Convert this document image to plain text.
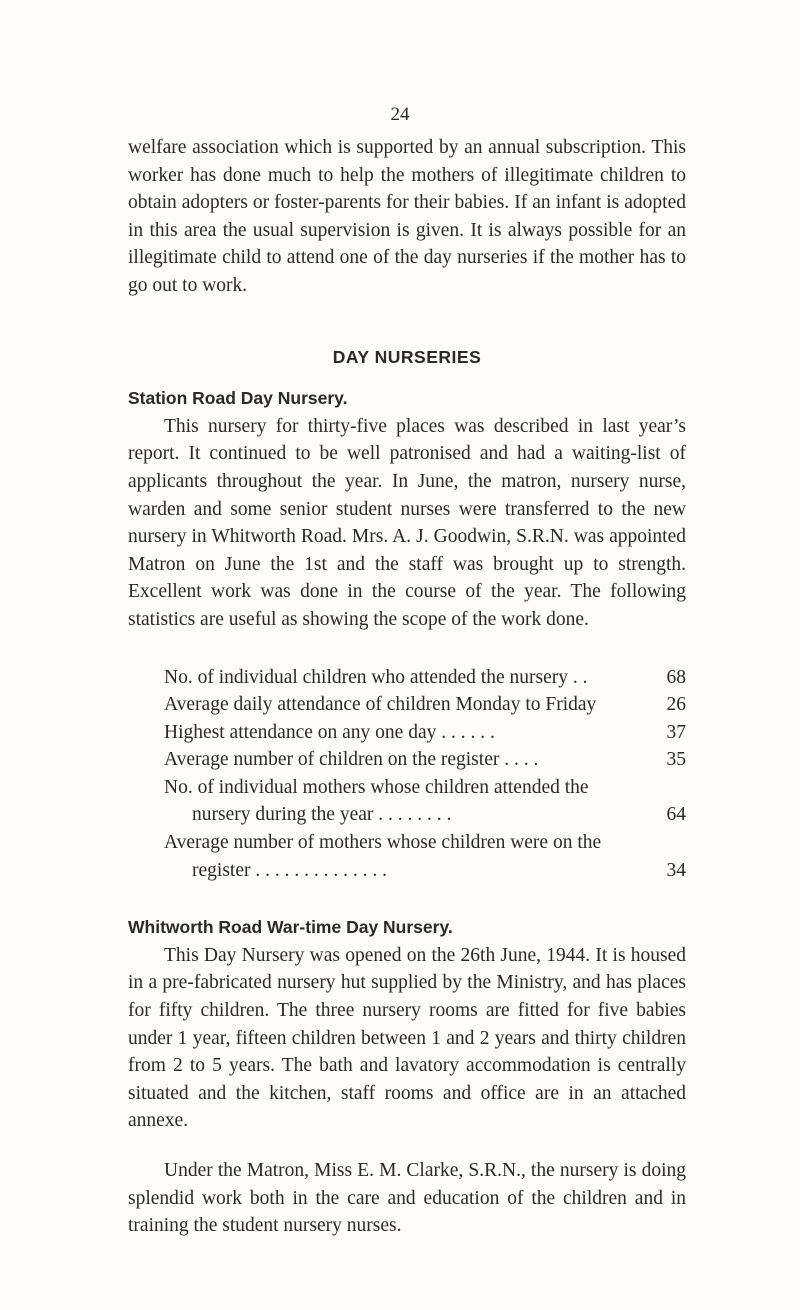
24

welfare association which is supported by an annual subscription. This worker has done much to help the mothers of illegitimate children to obtain adopters or foster-parents for their babies. If an infant is adopted in this area the usual supervision is given. It is always possible for an illegitimate child to attend one of the day nurseries if the mother has to go out to work.

DAY NURSERIES
Station Road Day Nursery.

This nursery for thirty-five places was described in last year’s report. It continued to be well patronised and had a waiting-list of applicants throughout the year. In June, the matron, nursery nurse, warden and some senior student nurses were transferred to the new nursery in Whitworth Road. Mrs. A. J. Goodwin, S.R.N. was appointed Matron on June the 1st and the staff was brought up to strength. Excellent work was done in the course of the year. The following statistics are useful as showing the scope of the work done.

No. of individual children who attended the nursery . .	68
Average daily attendance of children Monday to Friday	26
Highest attendance on any one day . . . . . .	37
Average number of children on the register . . . .	35
No. of individual mothers whose children attended the
nursery during the year . . . . . . . .	64
Average number of mothers whose children were on the
register . . . . . . . . . . . . . .	34
Whitworth Road War-time Day Nursery.

This Day Nursery was opened on the 26th June, 1944. It is housed in a pre-fabricated nursery hut supplied by the Ministry, and has places for fifty children. The three nursery rooms are fitted for five babies under 1 year, fifteen children between 1 and 2 years and thirty children from 2 to 5 years. The bath and lavatory accommodation is centrally situated and the kitchen, staff rooms and office are in an attached annexe.

Under the Matron, Miss E. M. Clarke, S.R.N., the nursery is doing splendid work both in the care and education of the children and in training the student nursery nurses.
